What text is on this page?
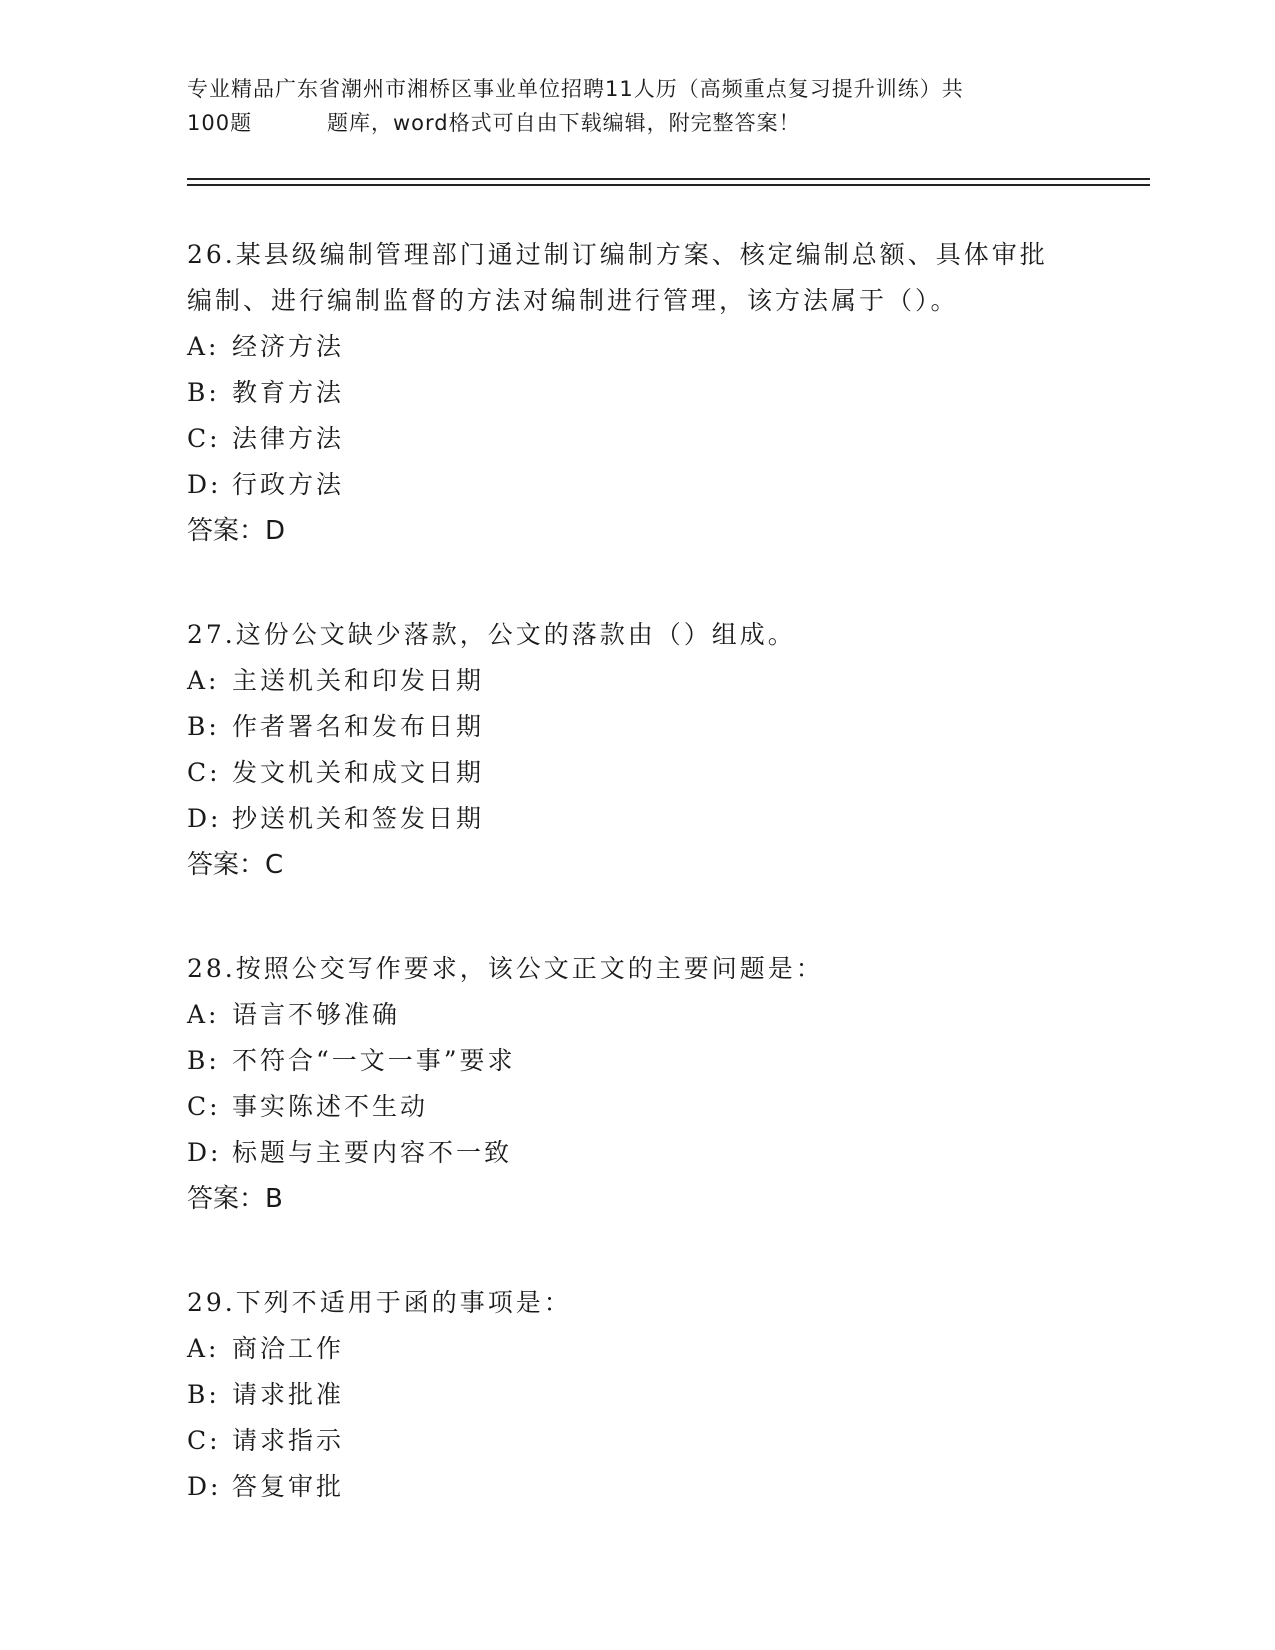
专业精品广东省潮州市湘桥区事业单位招聘11人历（高频重点复习提升训练）共
100题	题库，word格式可自由下载编辑，附完整答案！

26.某县级编制管理部门通过制订编制方案、核定编制总额、具体审批

编制、进行编制监督的方法对编制进行管理，该方法属于（）。

A: 经济方法

B: 教育方法

C: 法律方法

D: 行政方法

答案：D

27.这份公文缺少落款，公文的落款由（）组成。

A: 主送机关和印发日期

B: 作者署名和发布日期

C: 发文机关和成文日期

D: 抄送机关和签发日期

答案：C

28.按照公交写作要求，该公文正文的主要问题是：

A: 语言不够准确

B: 不符合“一文一事”要求

C: 事实陈述不生动

D: 标题与主要内容不一致

答案：B

29.下列不适用于函的事项是：

A: 商洽工作

B: 请求批准

C: 请求指示

D: 答复审批
